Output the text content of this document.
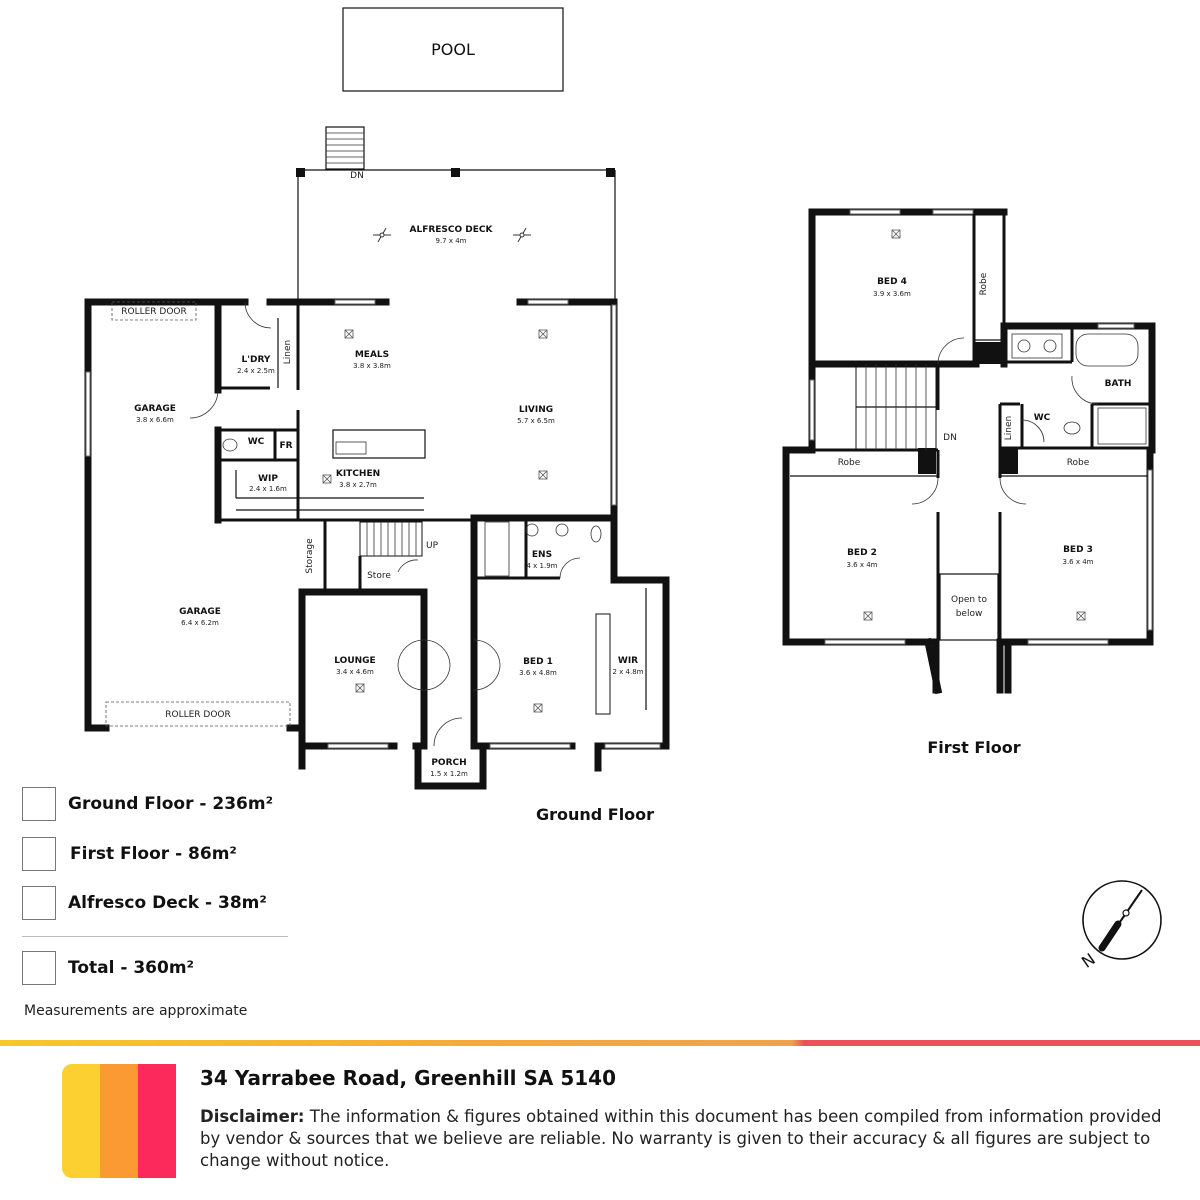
POOL
DN
ALFRESCO DECK
9.7 x 4m
ROLLER DOOR
ROLLER DOOR
UP
GARAGE
3.8 x 6.6m
GARAGE
6.4 x 6.2m
L'DRY
2.4 x 2.5m
Linen	MEALS
3.8 x 3.8m
LIVING
5.7 x 6.5m
WC FR
WIP
2.4 x 1.6m
KITCHEN
3.8 x 2.7m
Storage
Store
ENS
4 x 1.9m
LOUNGE
3.4 x 4.6m
BED 1
3.6 x 4.8m
WIR
2 x 4.8m
PORCH
1.5 x 1.2m
Ground Floor
DN
BED 4
3.9 x 3.6m	Robe
BATH
Linen WC
Robe	Robe
BED 2
3.6 x 4m
BED 3
3.6 x 4m
Open to
below
First Floor
N
Ground Floor - 236m²
First Floor - 86m²
Alfresco Deck - 38m²
Total - 360m²
Measurements are approximate
34 Yarrabee Road, Greenhill SA 5140
Disclaimer: The information & figures obtained within this document has been compiled from information provided by vendor & sources that we believe are reliable. No warranty is given to their accuracy & all figures are subject to change without notice.
